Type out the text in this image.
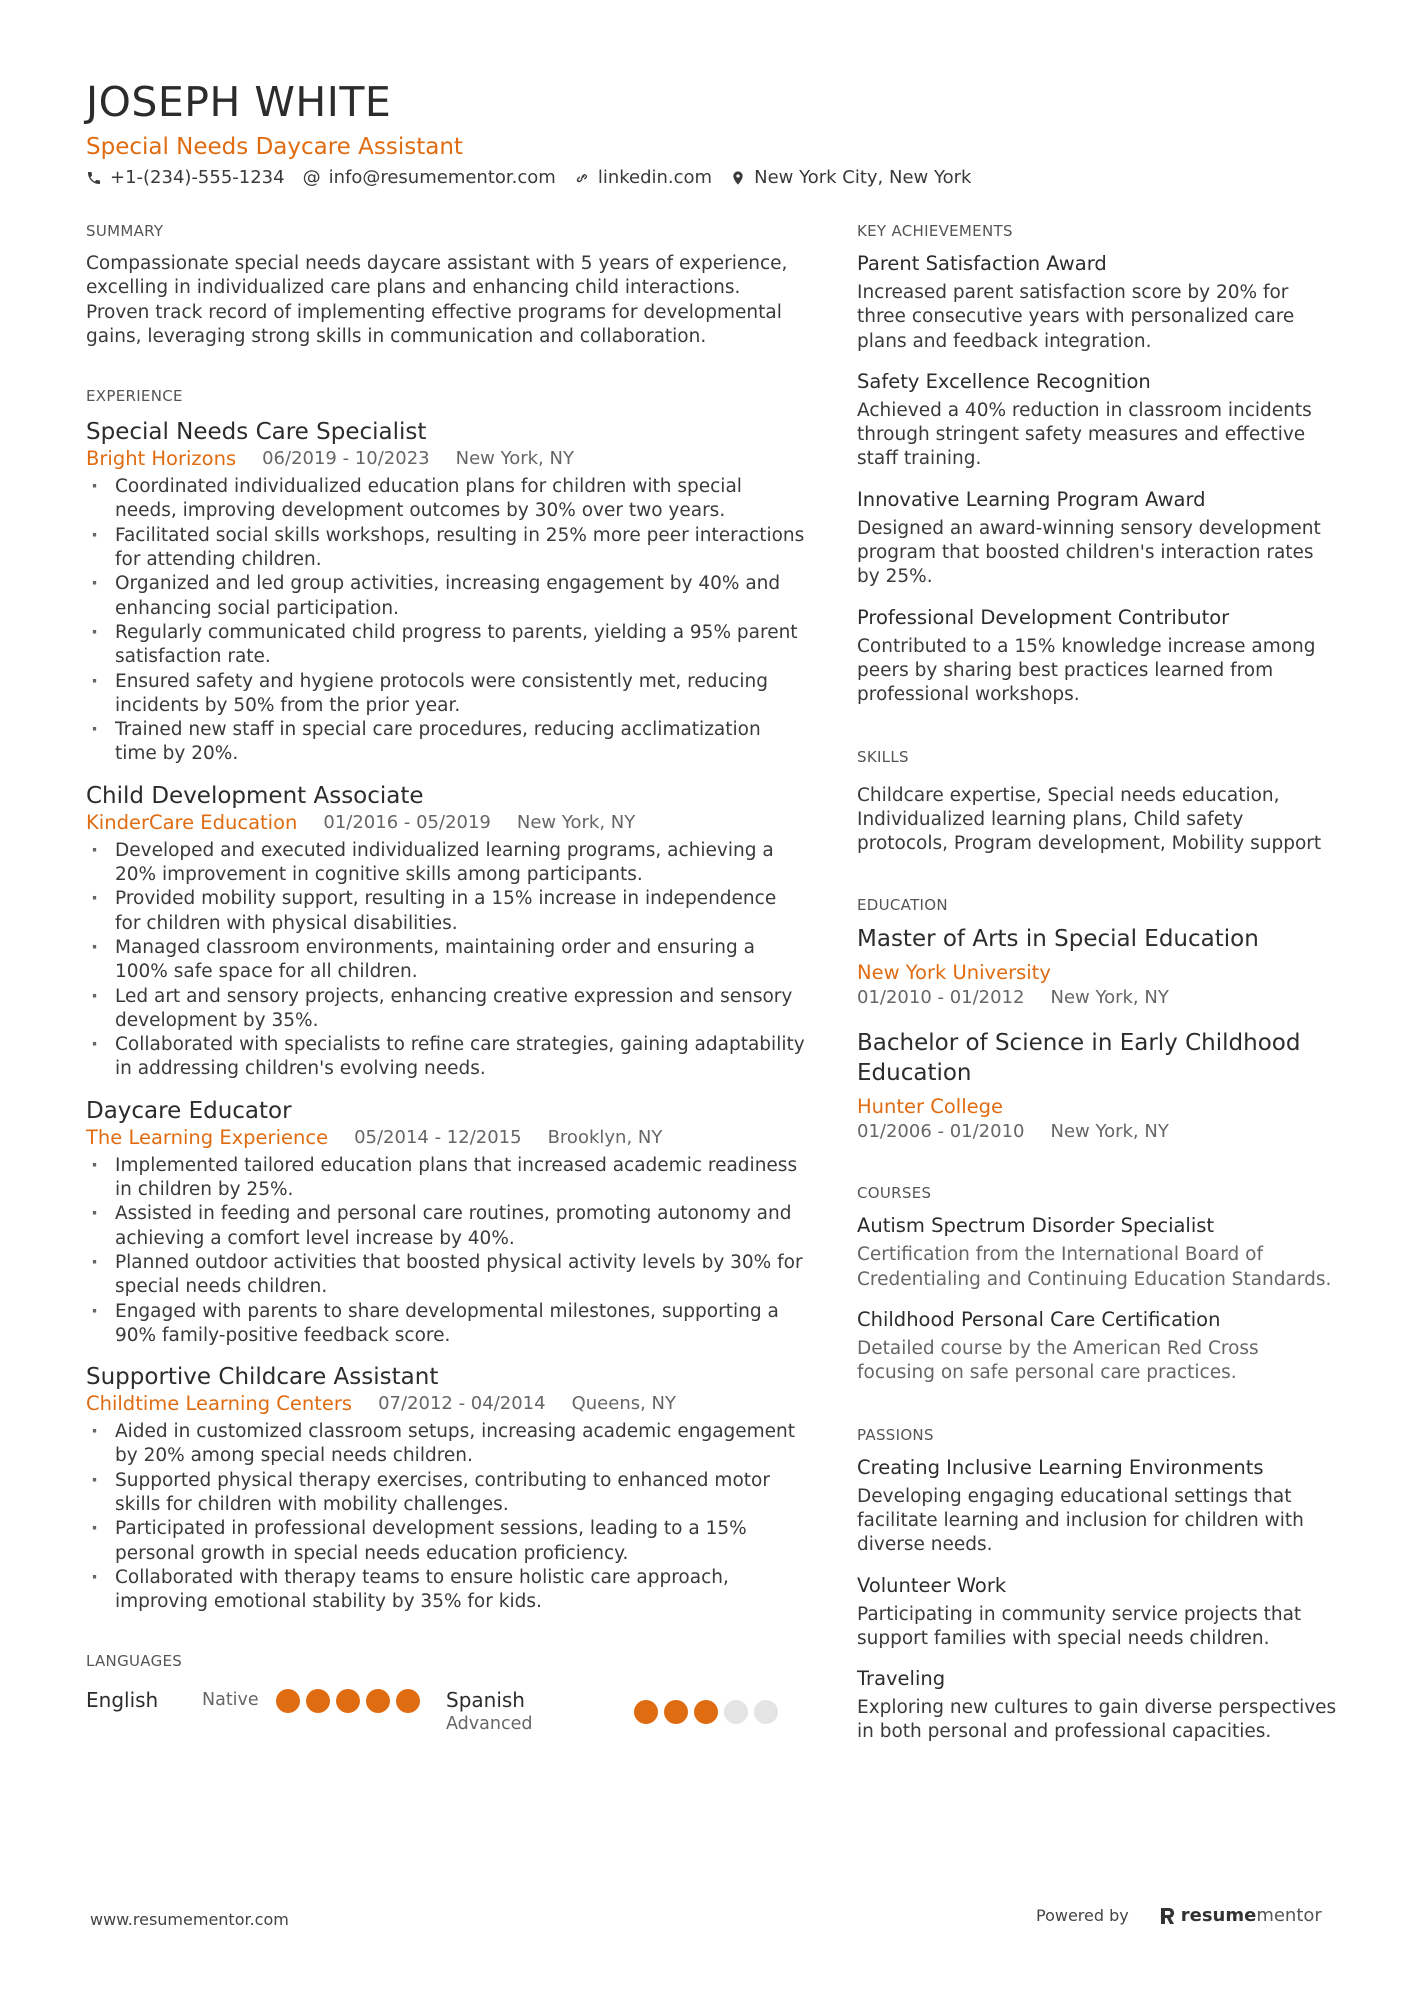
JOSEPH WHITE
Special Needs Daycare Assistant
+1-(234)-555-1234 @ info@resumementor.com linkedin.com New York City, New York
SUMMARY

Compassionate special needs daycare assistant with 5 years of experience, excelling in individualized care plans and enhancing child interactions. Proven track record of implementing effective programs for developmental gains, leveraging strong skills in communication and collaboration.

EXPERIENCE
Special Needs Care Specialist
Bright Horizons 06/2019 - 10/2023 New York, NY
· Coordinated individualized education plans for children with special needs, improving development outcomes by 30% over two years.
· Facilitated social skills workshops, resulting in 25% more peer interactions for attending children.
· Organized and led group activities, increasing engagement by 40% and enhancing social participation.
· Regularly communicated child progress to parents, yielding a 95% parent satisfaction rate.
· Ensured safety and hygiene protocols were consistently met, reducing incidents by 50% from the prior year.
· Trained new staff in special care procedures, reducing acclimatization time by 20%.
Child Development Associate
KinderCare Education 01/2016 - 05/2019 New York, NY
· Developed and executed individualized learning programs, achieving a 20% improvement in cognitive skills among participants.
· Provided mobility support, resulting in a 15% increase in independence for children with physical disabilities.
· Managed classroom environments, maintaining order and ensuring a 100% safe space for all children.
· Led art and sensory projects, enhancing creative expression and sensory development by 35%.
· Collaborated with specialists to refine care strategies, gaining adaptability in addressing children's evolving needs.
Daycare Educator
The Learning Experience 05/2014 - 12/2015 Brooklyn, NY
· Implemented tailored education plans that increased academic readiness in children by 25%.
· Assisted in feeding and personal care routines, promoting autonomy and achieving a comfort level increase by 40%.
· Planned outdoor activities that boosted physical activity levels by 30% for special needs children.
· Engaged with parents to share developmental milestones, supporting a 90% family-positive feedback score.
Supportive Childcare Assistant
Childtime Learning Centers 07/2012 - 04/2014 Queens, NY
· Aided in customized classroom setups, increasing academic engagement by 20% among special needs children.
· Supported physical therapy exercises, contributing to enhanced motor skills for children with mobility challenges.
· Participated in professional development sessions, leading to a 15% personal growth in special needs education proficiency.
· Collaborated with therapy teams to ensure holistic care approach, improving emotional stability by 35% for kids.
LANGUAGES
English	Native	Spanish
Advanced
KEY ACHIEVEMENTS
Parent Satisfaction Award
Increased parent satisfaction score by 20% for three consecutive years with personalized care plans and feedback integration.
Safety Excellence Recognition
Achieved a 40% reduction in classroom incidents through stringent safety measures and effective staff training.
Innovative Learning Program Award
Designed an award-winning sensory development program that boosted children's interaction rates by 25%.
Professional Development Contributor
Contributed to a 15% knowledge increase among peers by sharing best practices learned from professional workshops.
SKILLS

Childcare expertise, Special needs education, Individualized learning plans, Child safety protocols, Program development, Mobility support

EDUCATION
Master of Arts in Special Education
New York University
01/2010 - 01/2012 New York, NY
Bachelor of Science in Early Childhood Education
Hunter College
01/2006 - 01/2010 New York, NY
COURSES
Autism Spectrum Disorder Specialist
Certification from the International Board of Credentialing and Continuing Education Standards.
Childhood Personal Care Certification
Detailed course by the American Red Cross focusing on safe personal care practices.
PASSIONS
Creating Inclusive Learning Environments
Developing engaging educational settings that facilitate learning and inclusion for children with diverse needs.
Volunteer Work
Participating in community service projects that support families with special needs children.
Traveling
Exploring new cultures to gain diverse perspectives in both personal and professional capacities.
www.resumementor.com	Powered by	resume mentor
